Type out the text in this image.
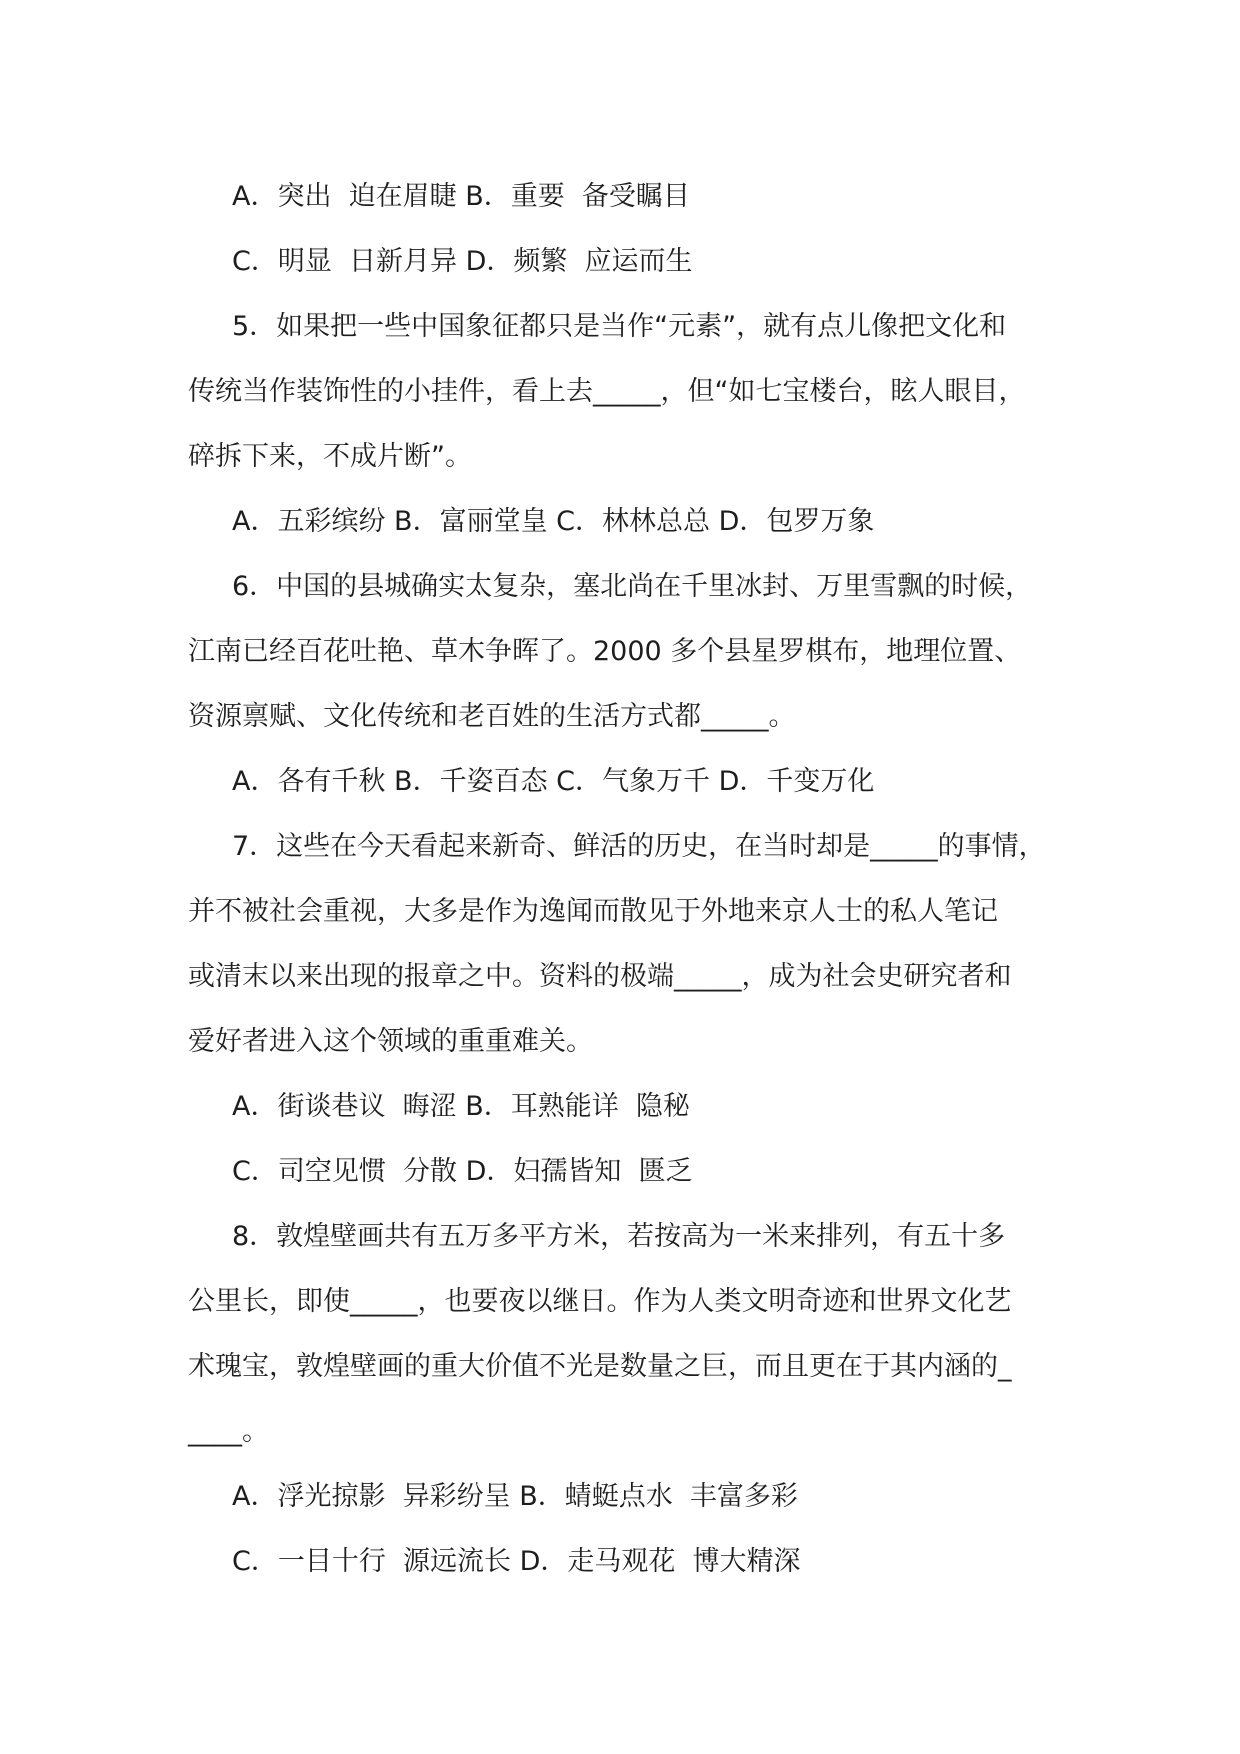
A．突出  迫在眉睫 B．重要  备受瞩目
C．明显  日新月异 D．频繁  应运而生
5．如果把一些中国象征都只是当作“元素”，就有点儿像把文化和
传统当作装饰性的小挂件，看上去_____，但“如七宝楼台，眩人眼目，
碎拆下来，不成片断”。
A．五彩缤纷 B．富丽堂皇 C．林林总总 D．包罗万象
6．中国的县城确实太复杂，塞北尚在千里冰封、万里雪飘的时候，
江南已经百花吐艳、草木争晖了。2000 多个县星罗棋布，地理位置、
资源禀赋、文化传统和老百姓的生活方式都_____。
A．各有千秋 B．千姿百态 C．气象万千 D．千变万化
7．这些在今天看起来新奇、鲜活的历史，在当时却是_____的事情，
并不被社会重视，大多是作为逸闻而散见于外地来京人士的私人笔记
或清末以来出现的报章之中。资料的极端_____，成为社会史研究者和
爱好者进入这个领域的重重难关。
A．街谈巷议  晦涩 B．耳熟能详  隐秘
C．司空见惯  分散 D．妇孺皆知  匮乏
8．敦煌壁画共有五万多平方米，若按高为一米来排列，有五十多
公里长，即使_____，也要夜以继日。作为人类文明奇迹和世界文化艺
术瑰宝，敦煌壁画的重大价值不光是数量之巨，而且更在于其内涵的_
____。
A．浮光掠影  异彩纷呈 B．蜻蜓点水  丰富多彩
C．一目十行  源远流长 D．走马观花  博大精深
